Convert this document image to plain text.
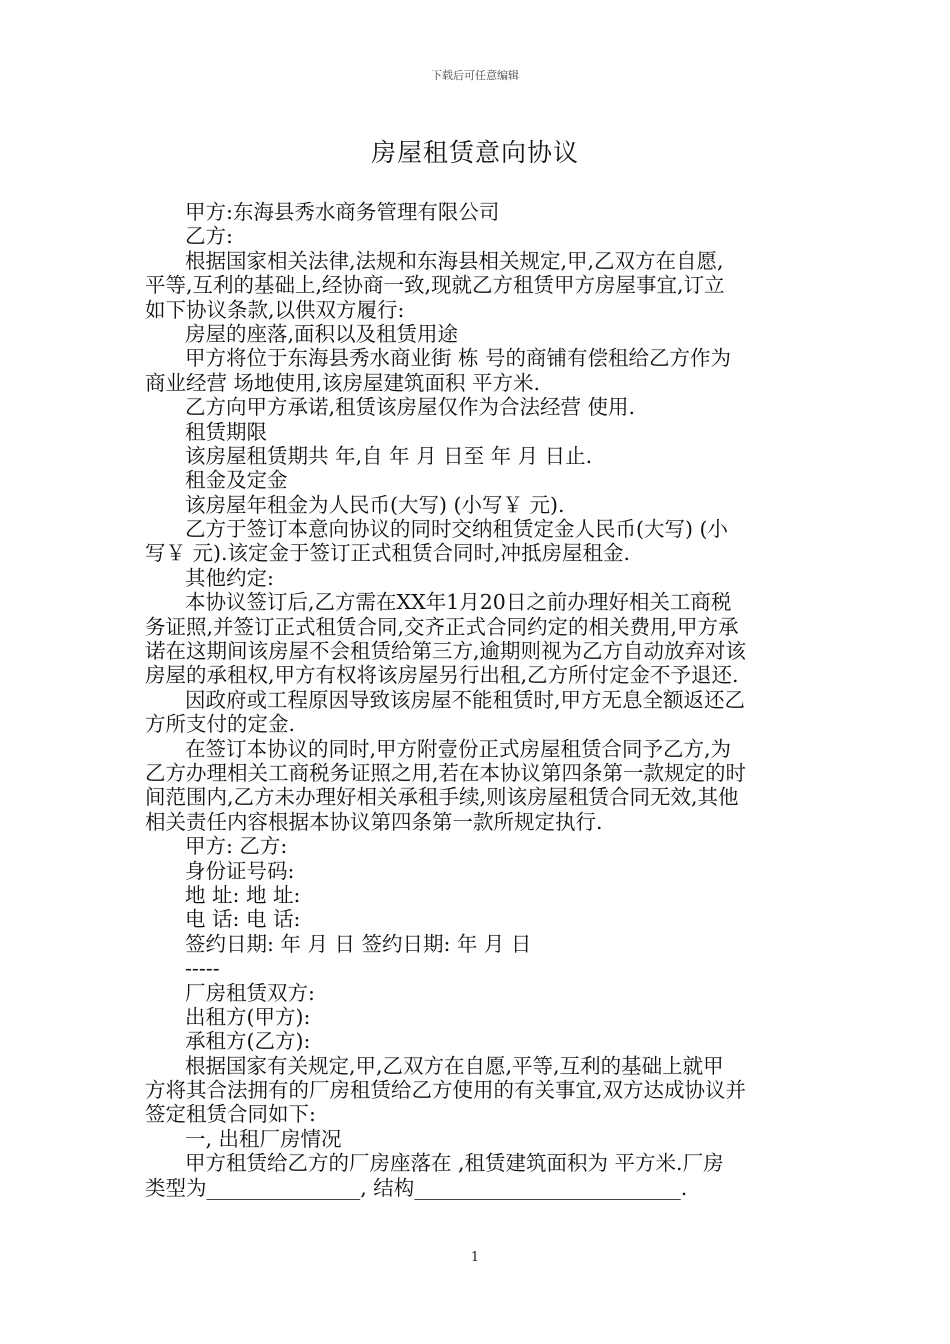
下载后可任意编辑
房屋租赁意向协议
甲方:东海县秀水商务管理有限公司
乙方:
根据国家相关法律,法规和东海县相关规定,甲,乙双方在自愿,
平等,互利的基础上,经协商一致,现就乙方租赁甲方房屋事宜,订立
如下协议条款,以供双方履行:
房屋的座落,面积以及租赁用途
甲方将位于东海县秀水商业街 栋 号的商铺有偿租给乙方作为
商业经营 场地使用,该房屋建筑面积 平方米.
乙方向甲方承诺,租赁该房屋仅作为合法经营 使用.
租赁期限
该房屋租赁期共 年,自 年 月 日至 年 月 日止.
租金及定金
该房屋年租金为人民币(大写) (小写￥ 元).
乙方于签订本意向协议的同时交纳租赁定金人民币(大写) (小
写￥ 元).该定金于签订正式租赁合同时,冲抵房屋租金.
其他约定:
本协议签订后,乙方需在XX年1月20日之前办理好相关工商税
务证照,并签订正式租赁合同,交齐正式合同约定的相关费用,甲方承
诺在这期间该房屋不会租赁给第三方,逾期则视为乙方自动放弃对该
房屋的承租权,甲方有权将该房屋另行出租,乙方所付定金不予退还.
因政府或工程原因导致该房屋不能租赁时,甲方无息全额返还乙
方所支付的定金.
在签订本协议的同时,甲方附壹份正式房屋租赁合同予乙方,为
乙方办理相关工商税务证照之用,若在本协议第四条第一款规定的时
间范围内,乙方未办理好相关承租手续,则该房屋租赁合同无效,其他
相关责任内容根据本协议第四条第一款所规定执行.
甲方: 乙方:
身份证号码:
地 址: 地 址:
电 话: 电 话:
签约日期: 年 月 日 签约日期: 年 月 日
-----
厂房租赁双方:
出租方(甲方):
承租方(乙方):
根据国家有关规定,甲,乙双方在自愿,平等,互利的基础上就甲
方将其合法拥有的厂房租赁给乙方使用的有关事宜,双方达成协议并
签定租赁合同如下:
一, 出租厂房情况
甲方租赁给乙方的厂房座落在 ,租赁建筑面积为 平方米.厂房
类型为_______________, 结构__________________________.
1
